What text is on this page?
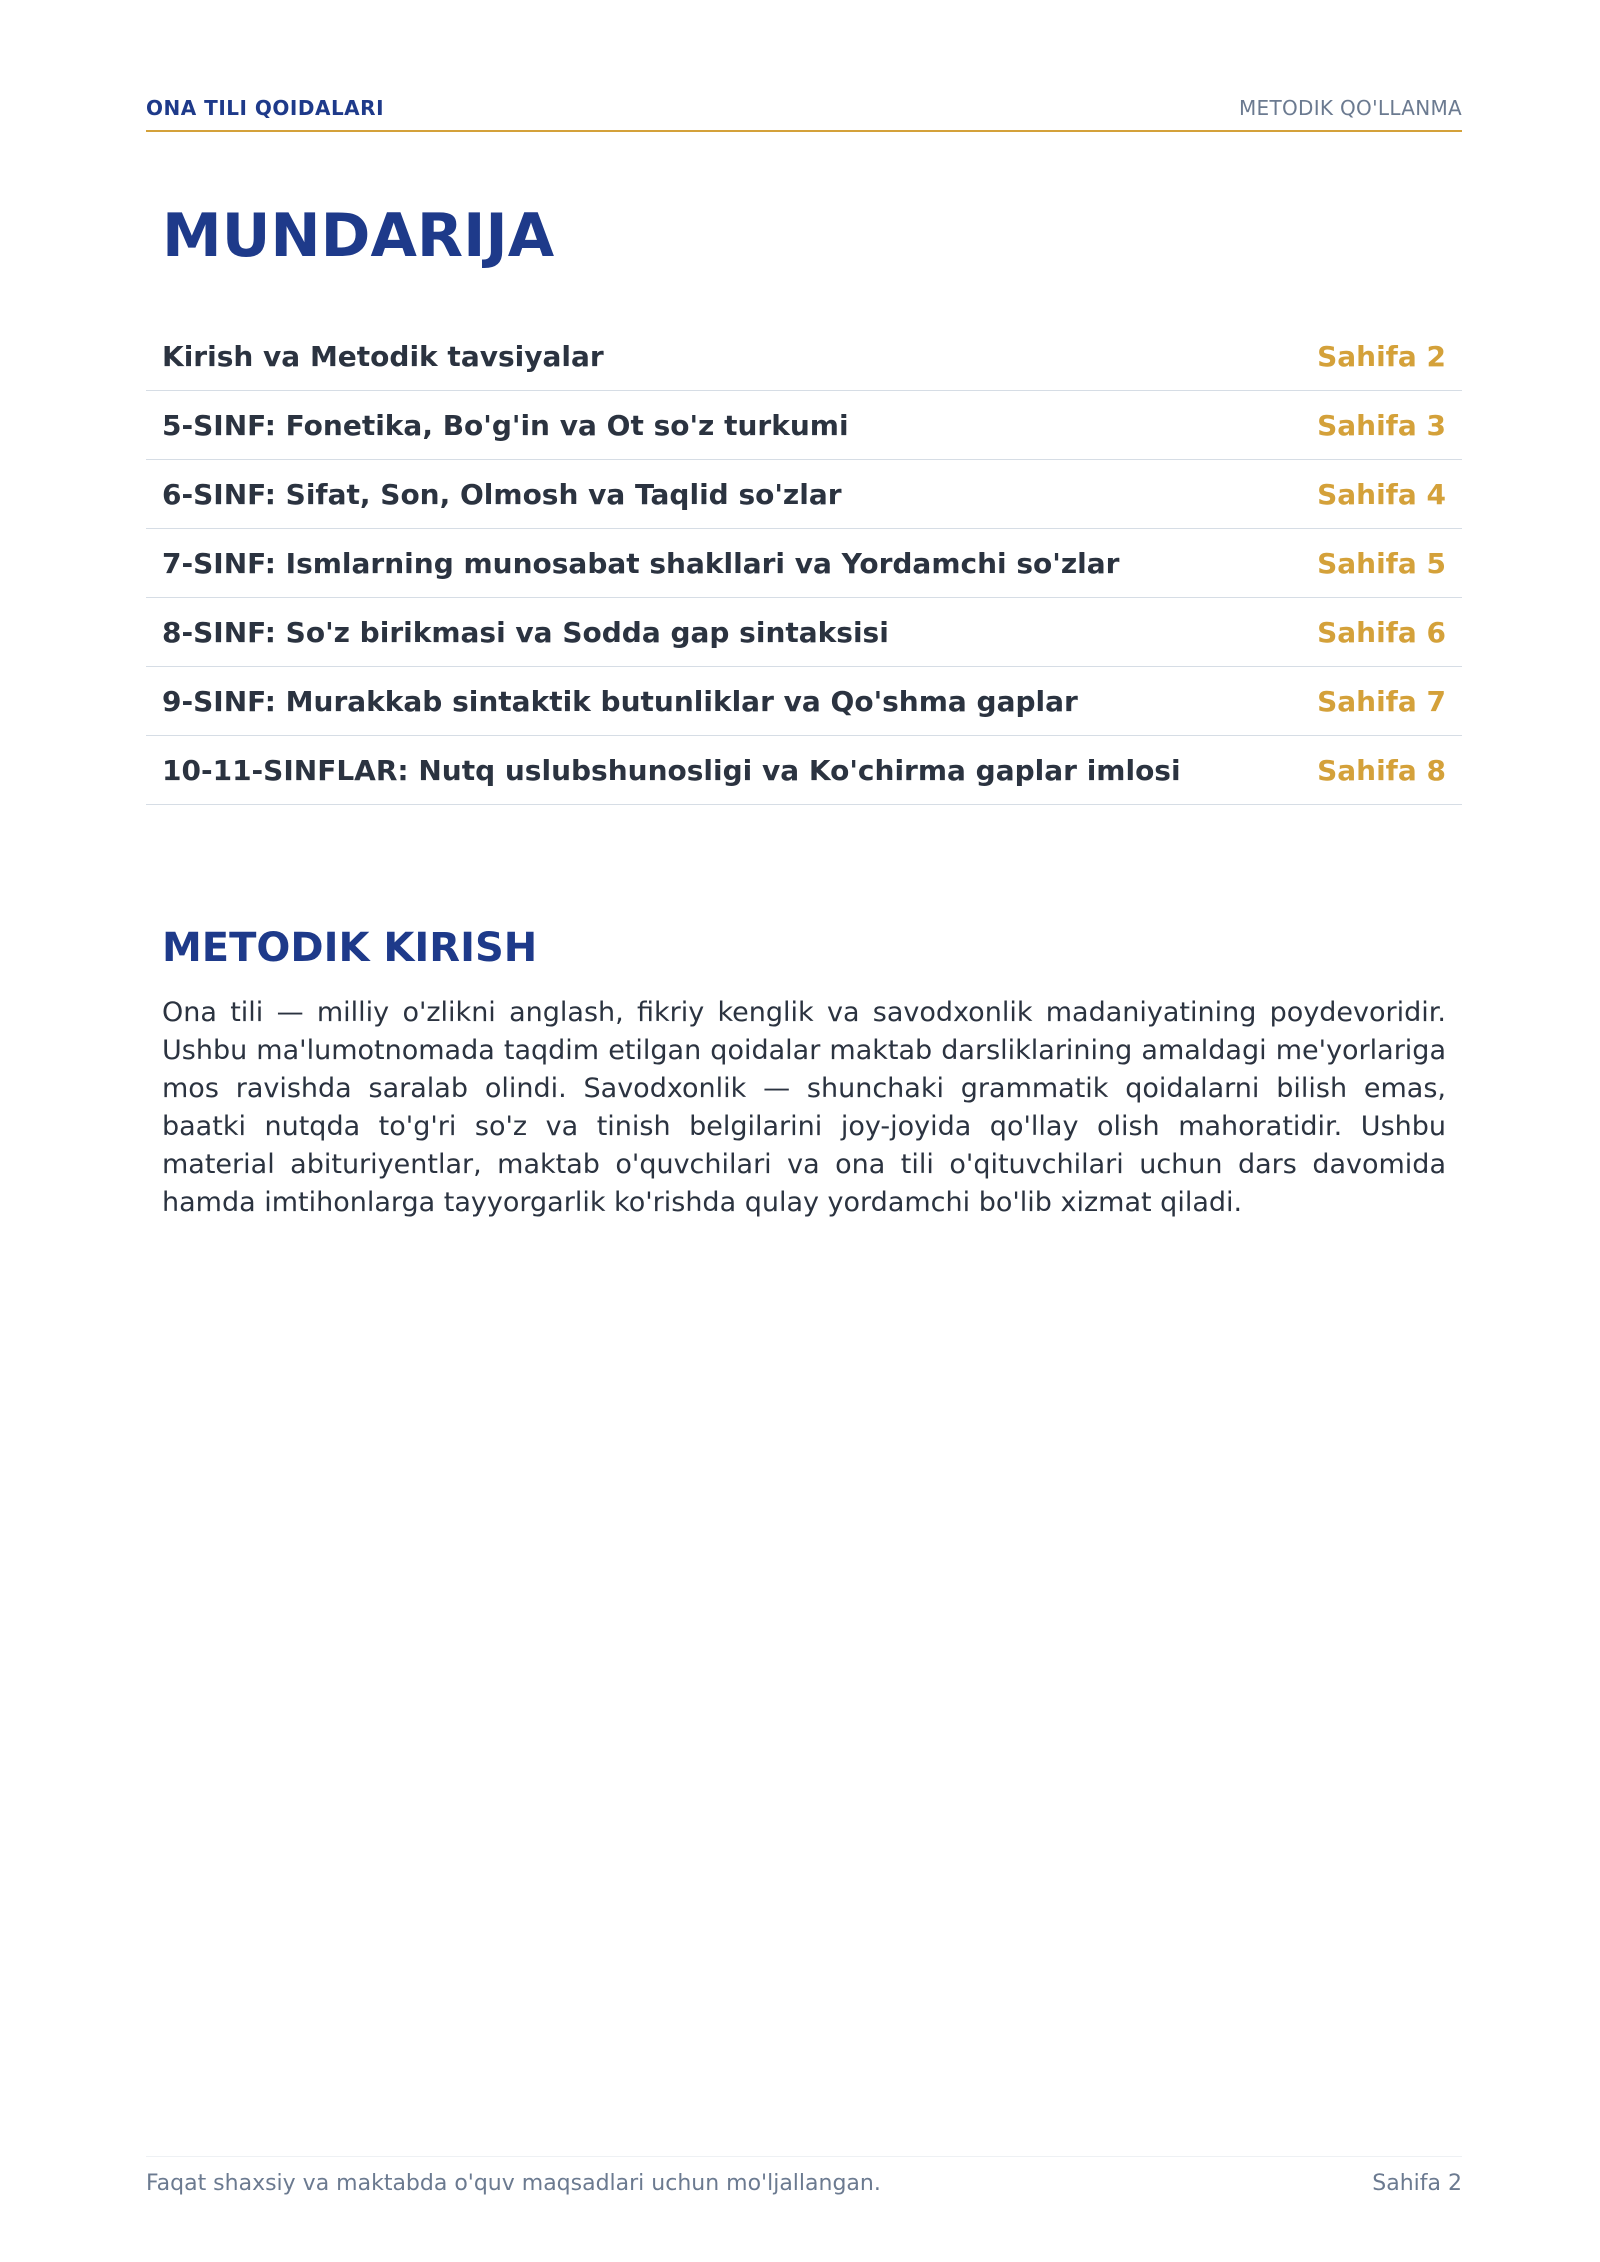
ONA TILI QOIDALARI	METODIK QO'LLANMA
MUNDARIJA
Kirish va Metodik tavsiyalar	Sahifa 2
5-SINF: Fonetika, Bo'g'in va Ot so'z turkumi	Sahifa 3
6-SINF: Sifat, Son, Olmosh va Taqlid so'zlar	Sahifa 4
7-SINF: Ismlarning munosabat shakllari va Yordamchi so'zlar	Sahifa 5
8-SINF: So'z birikmasi va Sodda gap sintaksisi	Sahifa 6
9-SINF: Murakkab sintaktik butunliklar va Qo'shma gaplar	Sahifa 7
10-11-SINFLAR: Nutq uslubshunosligi va Ko'chirma gaplar imlosi	Sahifa 8
METODIK KIRISH

Ona tili — milliy o'zlikni anglash, fikriy kenglik va savodxonlik madaniyatining poydevoridir. Ushbu ma'lumotnomada taqdim etilgan qoidalar maktab darsliklarining amaldagi me'yorlariga mos ravishda saralab olindi. Savodxonlik — shunchaki grammatik qoidalarni bilish emas, baatki nutqda to'g'ri so'z va tinish belgilarini joy-joyida qo'llay olish mahoratidir. Ushbu material abituriyentlar, maktab o'quvchilari va ona tili o'qituvchilari uchun dars davomida hamda imtihonlarga tayyorgarlik ko'rishda qulay yordamchi bo'lib xizmat qiladi.

Faqat shaxsiy va maktabda o'quv maqsadlari uchun mo'ljallangan.	Sahifa 2
